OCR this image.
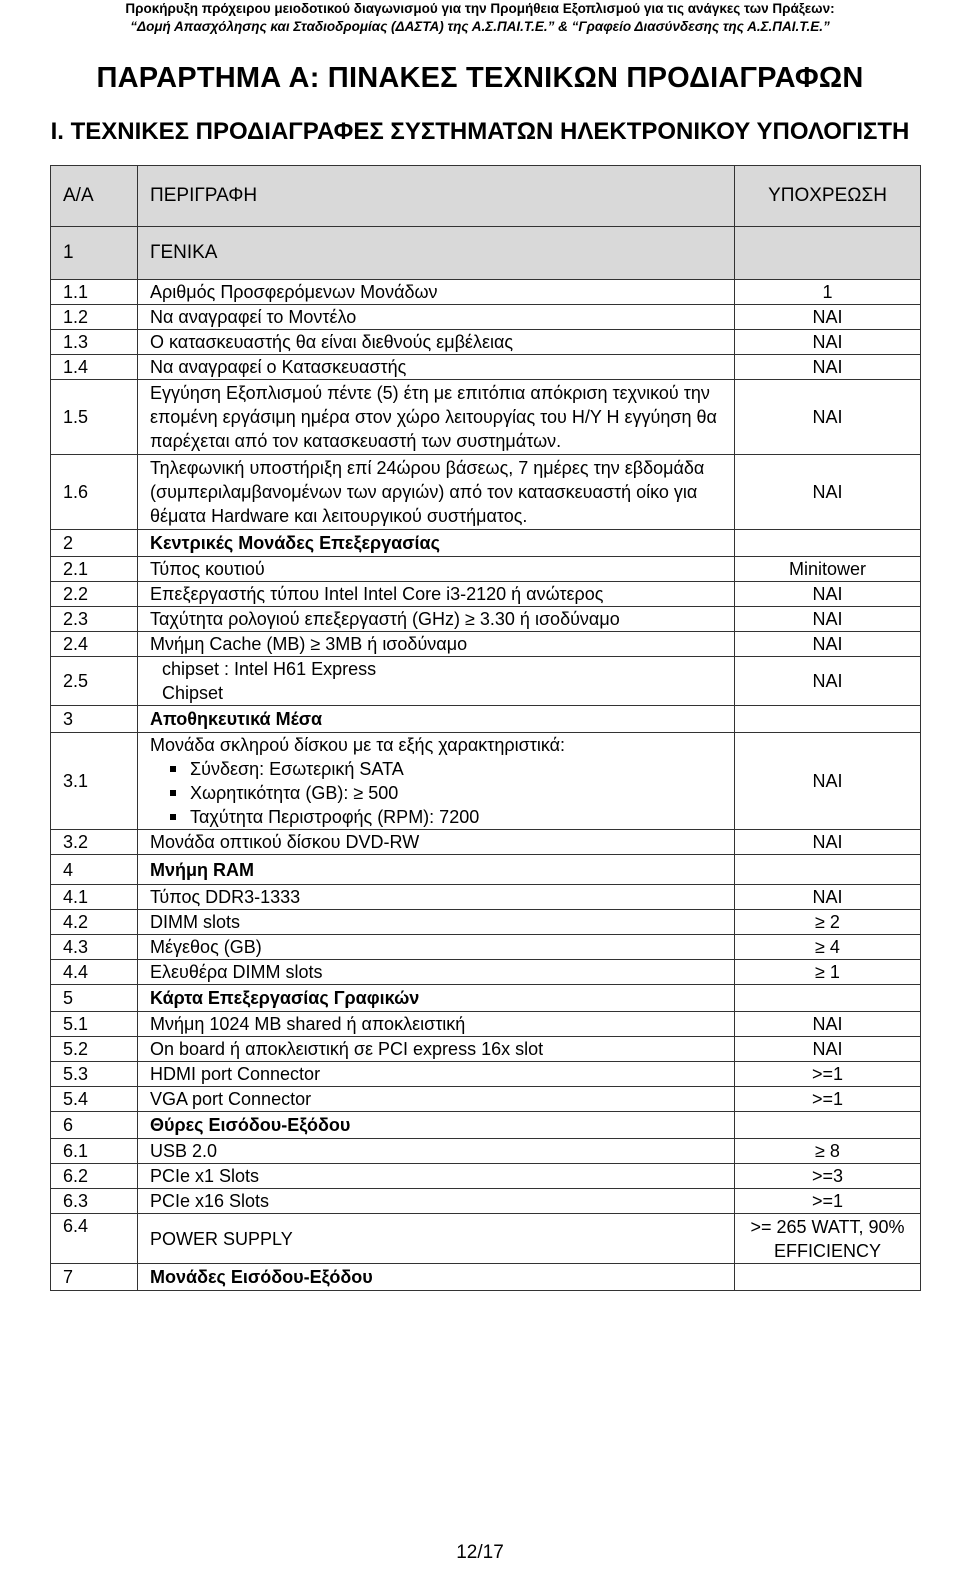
Προκήρυξη πρόχειρου μειοδοτικού διαγωνισμού για την Προμήθεια Εξοπλισμού για τις ανάγκες των Πράξεων:
“Δομή Απασχόλησης και Σταδιοδρομίας (ΔΑΣΤΑ) της Α.Σ.ΠΑΙ.Τ.Ε.” & “Γραφείο Διασύνδεσης της Α.Σ.ΠΑΙ.Τ.Ε.”
ΠΑΡΑΡΤΗΜΑ Α: ΠΙΝΑΚΕΣ ΤΕΧΝΙΚΩΝ ΠΡΟΔΙΑΓΡΑΦΩΝ
I. ΤΕΧΝΙΚΕΣ ΠΡΟΔΙΑΓΡΑΦΕΣ ΣΥΣΤΗΜΑΤΩΝ ΗΛΕΚΤΡΟΝΙΚΟΥ ΥΠΟΛΟΓΙΣΤΗ
Α/Α	ΠΕΡΙΓΡΑΦΗ	ΥΠΟΧΡΕΩΣΗ
1	ΓΕΝΙΚΑ	
1.1	Αριθμός Προσφερόμενων Μονάδων	1
1.2	Να αναγραφεί το Μοντέλο	ΝΑΙ
1.3	Ο κατασκευαστής θα είναι διεθνούς εμβέλειας	ΝΑΙ
1.4	Να αναγραφεί ο Κατασκευαστής	ΝΑΙ
1.5	Εγγύηση Εξοπλισμού πέντε (5) έτη με επιτόπια απόκριση τεχνικού την επομένη εργάσιμη ημέρα στον χώρο λειτουργίας του Η/Υ Η εγγύηση θα παρέχεται από τον κατασκευαστή των συστημάτων.	ΝΑΙ
1.6	Τηλεφωνική υποστήριξη επί 24ώρου βάσεως, 7 ημέρες την εβδομάδα (συμπεριλαμβανομένων των αργιών) από τον κατασκευαστή οίκο για θέματα Hardware και λειτουργικού συστήματος.	ΝΑΙ
2	Κεντρικές Μονάδες Επεξεργασίας	
2.1	Τύπος κουτιού	Minitower
2.2	Επεξεργαστής τύπου Intel Intel Core i3-2120 ή ανώτερος	ΝΑΙ
2.3	Ταχύτητα ρολογιού επεξεργαστή (GHz) ≥ 3.30 ή ισοδύναμο	ΝΑΙ
2.4	Μνήμη Cache (MB) ≥ 3MB ή ισοδύναμο	ΝΑΙ
2.5	chipset : Intel H61 Express
Chipset	ΝΑΙ
3	Αποθηκευτικά Μέσα	
3.1	Μονάδα σκληρού δίσκου με τα εξής χαρακτηριστικά:
Σύνδεση: Εσωτερική SATA
Χωρητικότητα (GB): ≥ 500
Ταχύτητα Περιστροφής (RPM): 7200	ΝΑΙ
3.2	Μονάδα οπτικού δίσκου DVD-RW	ΝΑΙ
4	Μνήμη RAM	
4.1	Τύπος DDR3-1333	ΝΑΙ
4.2	DIMM slots	≥ 2
4.3	Μέγεθος (GB)	≥ 4
4.4	Ελευθέρα DIMM slots	≥ 1
5	Κάρτα Επεξεργασίας Γραφικών	
5.1	Μνήμη 1024 MB shared ή αποκλειστική	ΝΑΙ
5.2	On board ή αποκλειστική σε PCI express 16x slot	ΝΑΙ
5.3	HDMI port Connector	>=1
5.4	VGA port Connector	>=1
6	Θύρες Εισόδου-Εξόδου	
6.1	USB 2.0	≥ 8
6.2	PCIe x1 Slots	>=3
6.3	PCIe x16 Slots	>=1
6.4	POWER SUPPLY	>= 265 WATT, 90% EFFICIENCY
7	Μονάδες Εισόδου-Εξόδου	
12/17
